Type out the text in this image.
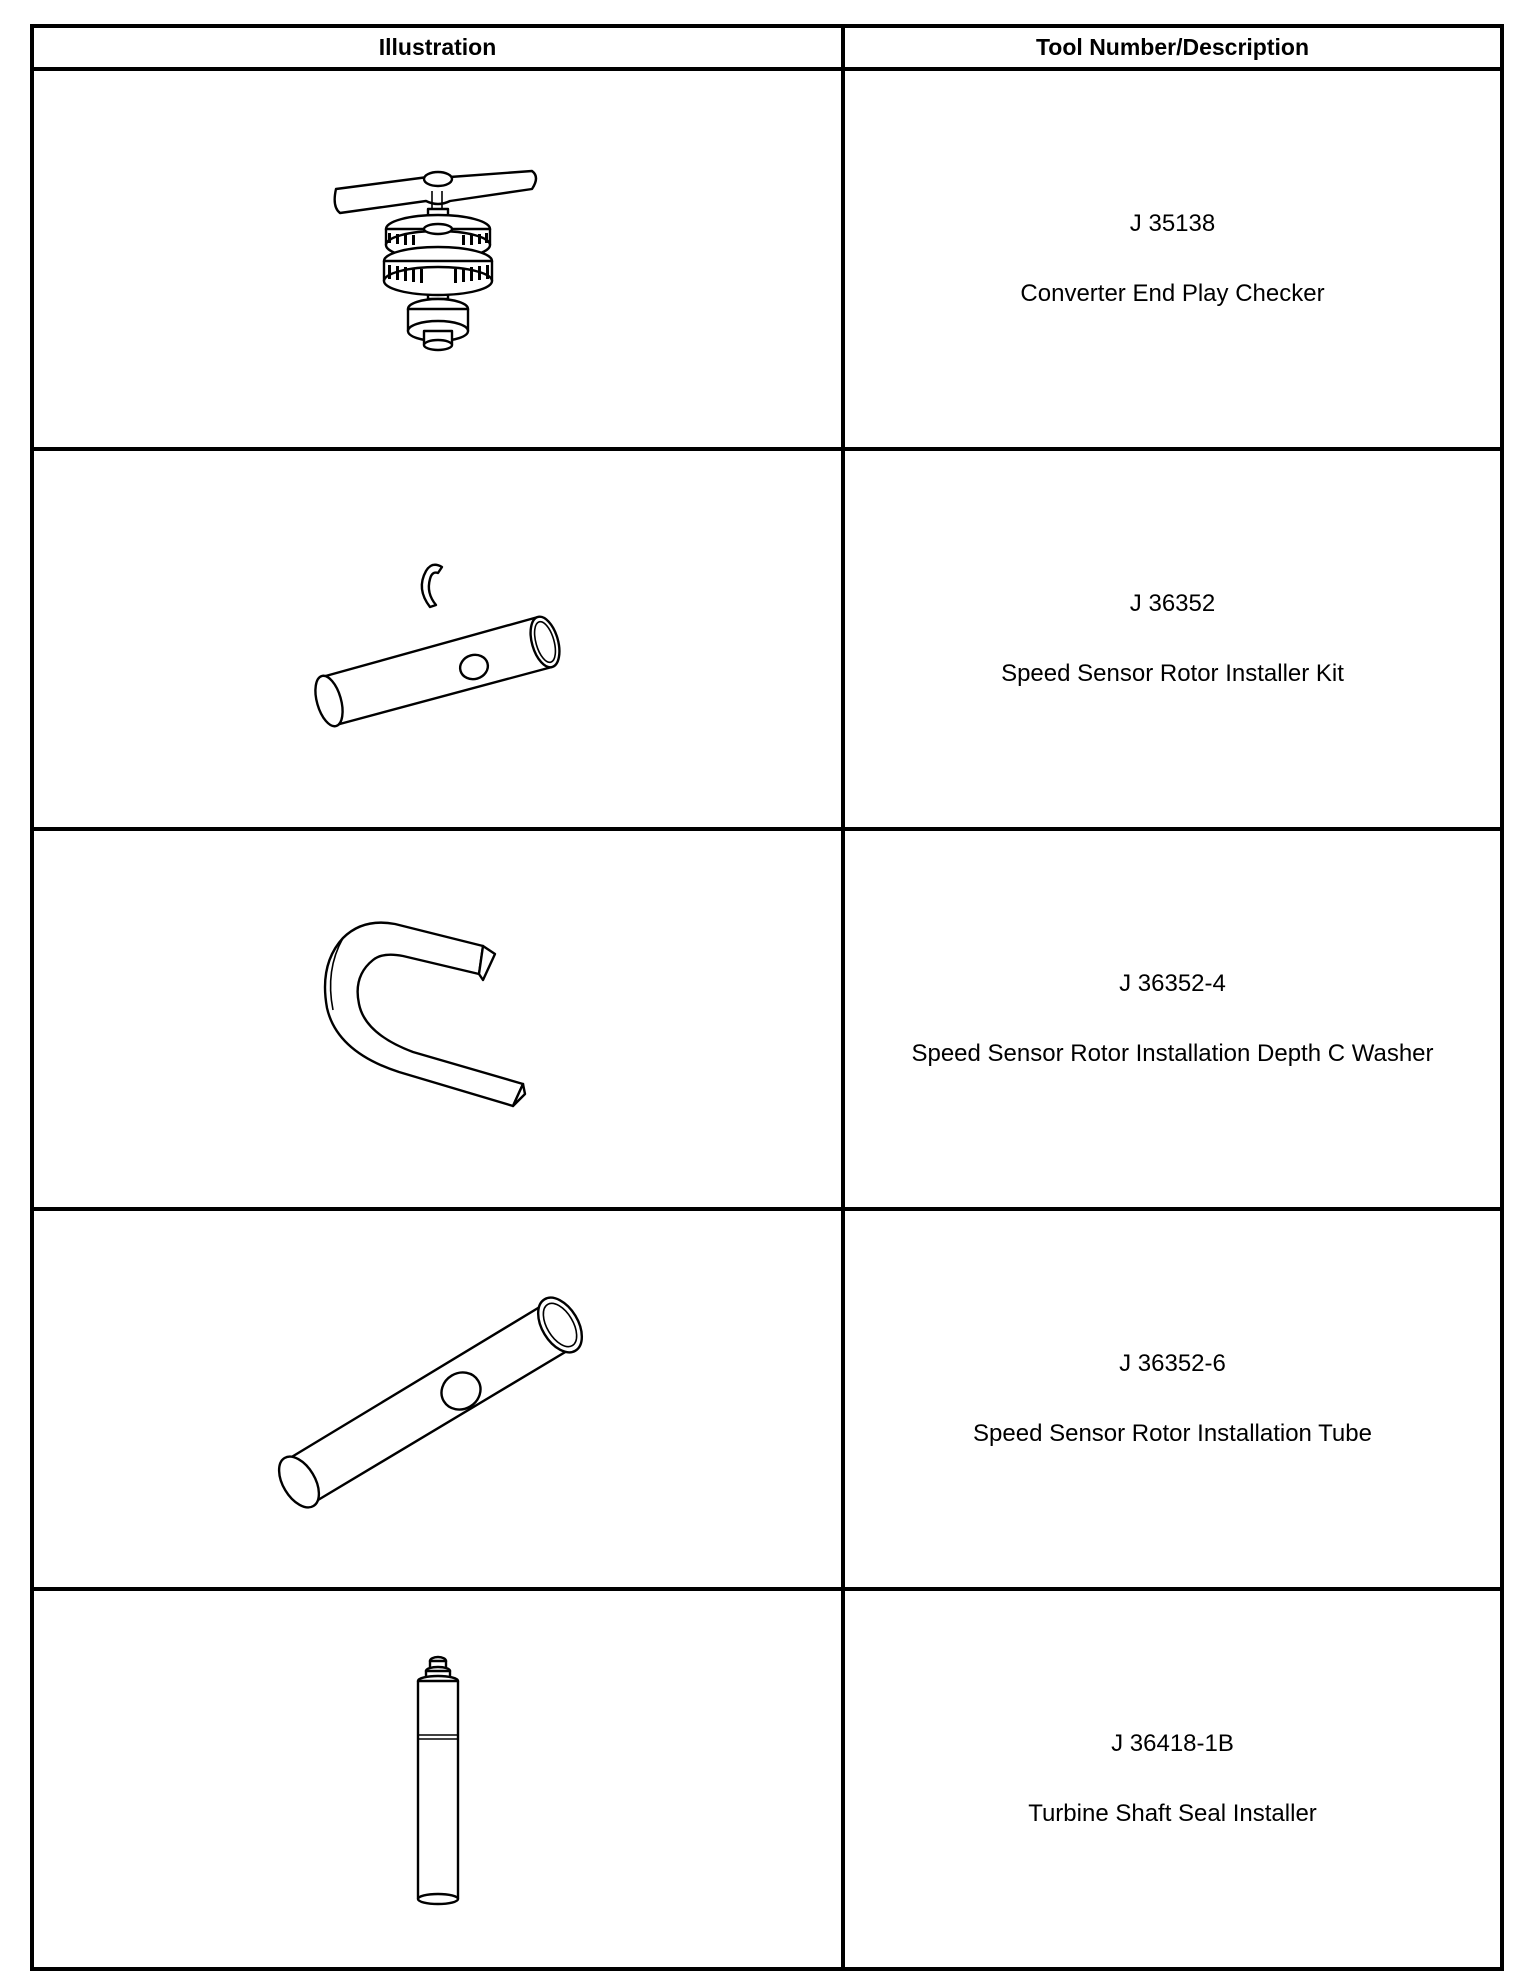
Illustration	Tool Number/Description

J 35138
Converter End Play Checker

J 36352
Speed Sensor Rotor Installer Kit

J 36352-4
Speed Sensor Rotor Installation Depth C Washer

J 36352-6
Speed Sensor Rotor Installation Tube

J 36418-1B
Turbine Shaft Seal Installer
